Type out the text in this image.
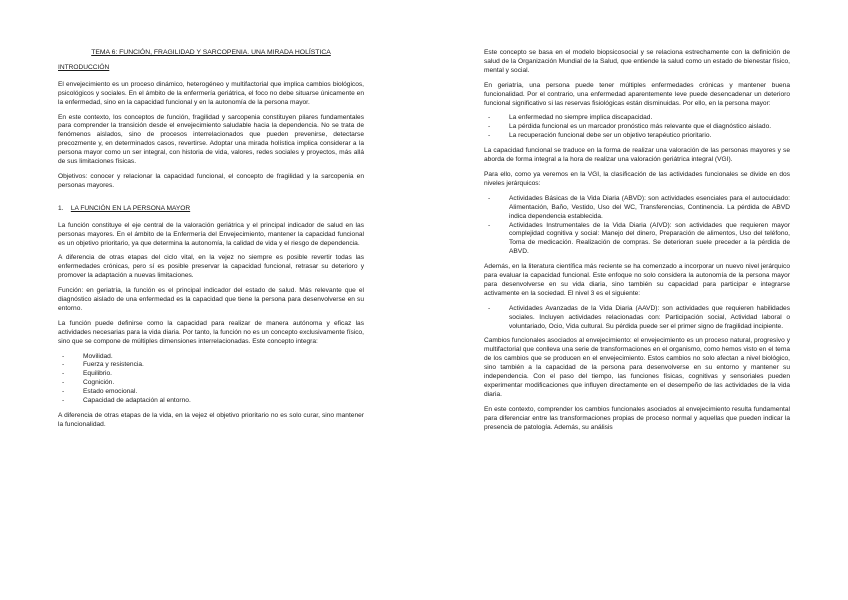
TEMA 6: FUNCIÓN, FRAGILIDAD Y SARCOPENIA. UNA MIRADA HOLÍSTICA

INTRODUCCIÓN

El envejecimiento es un proceso dinámico, heterogéneo y multifactorial que implica cambios biológicos, psicológicos y sociales. En el ámbito de la enfermería geriátrica, el foco no debe situarse únicamente en la enfermedad, sino en la capacidad funcional y en la autonomía de la persona mayor.

En este contexto, los conceptos de función, fragilidad y sarcopenia constituyen pilares fundamentales para comprender la transición desde el envejecimiento saludable hacia la dependencia. No se trata de fenómenos aislados, sino de procesos interrelacionados que pueden prevenirse, detectarse precozmente y, en determinados casos, revertirse. Adoptar una mirada holística implica considerar a la persona mayor como un ser integral, con historia de vida, valores, redes sociales y proyectos, más allá de sus limitaciones físicas.

Objetivos: conocer y relacionar la capacidad funcional, el concepto de fragilidad y la sarcopenia en personas mayores.

1. LA FUNCIÓN EN LA PERSONA MAYOR

La función constituye el eje central de la valoración geriátrica y el principal indicador de salud en las personas mayores. En el ámbito de la Enfermería del Envejecimiento, mantener la capacidad funcional es un objetivo prioritario, ya que determina la autonomía, la calidad de vida y el riesgo de dependencia.

A diferencia de otras etapas del ciclo vital, en la vejez no siempre es posible revertir todas las enfermedades crónicas, pero sí es posible preservar la capacidad funcional, retrasar su deterioro y promover la adaptación a nuevas limitaciones.

Función: en geriatría, la función es el principal indicador del estado de salud. Más relevante que el diagnóstico aislado de una enfermedad es la capacidad que tiene la persona para desenvolverse en su entorno.

La función puede definirse como la capacidad para realizar de manera autónoma y eficaz las actividades necesarias para la vida diaria. Por tanto, la función no es un concepto exclusivamente físico, sino que se compone de múltiples dimensiones interrelacionadas. Este concepto integra:

- Movilidad.
- Fuerza y resistencia.
- Equilibrio.
- Cognición.
- Estado emocional.
- Capacidad de adaptación al entorno.

A diferencia de otras etapas de la vida, en la vejez el objetivo prioritario no es solo curar, sino mantener la funcionalidad.

Este concepto se basa en el modelo biopsicosocial y se relaciona estrechamente con la definición de salud de la Organización Mundial de la Salud, que entiende la salud como un estado de bienestar físico, mental y social.

En geriatría, una persona puede tener múltiples enfermedades crónicas y mantener buena funcionalidad. Por el contrario, una enfermedad aparentemente leve puede desencadenar un deterioro funcional significativo si las reservas fisiológicas están disminuidas. Por ello, en la persona mayor:

- La enfermedad no siempre implica discapacidad.
- La pérdida funcional es un marcador pronóstico más relevante que el diagnóstico aislado.
- La recuperación funcional debe ser un objetivo terapéutico prioritario.

La capacidad funcional se traduce en la forma de realizar una valoración de las personas mayores y se aborda de forma integral a la hora de realizar una valoración geriátrica integral (VGI).

Para ello, como ya veremos en la VGI, la clasificación de las actividades funcionales se divide en dos niveles jerárquicos:

- Actividades Básicas de la Vida Diaria (ABVD): son actividades esenciales para el autocuidado: Alimentación, Baño, Vestido, Uso del WC, Transferencias, Continencia. La pérdida de ABVD indica dependencia establecida.
- Actividades Instrumentales de la Vida Diaria (AIVD): son actividades que requieren mayor complejidad cognitiva y social: Manejo del dinero, Preparación de alimentos, Uso del teléfono, Toma de medicación. Realización de compras. Se deterioran suele preceder a la pérdida de ABVD.

Además, en la literatura científica más reciente se ha comenzado a incorporar un nuevo nivel jerárquico para evaluar la capacidad funcional. Este enfoque no solo considera la autonomía de la persona mayor para desenvolverse en su vida diaria, sino también su capacidad para participar e integrarse activamente en la sociedad. El nivel 3 es el siguiente:

- Actividades Avanzadas de la Vida Diaria (AAVD): son actividades que requieren habilidades sociales. Incluyen actividades relacionadas con: Participación social, Actividad laboral o voluntariado, Ocio, Vida cultural. Su pérdida puede ser el primer signo de fragilidad incipiente.

Cambios funcionales asociados al envejecimiento: el envejecimiento es un proceso natural, progresivo y multifactorial que conlleva una serie de transformaciones en el organismo, como hemos visto en el tema de los cambios que se producen en el envejecimiento. Estos cambios no solo afectan a nivel biológico, sino también a la capacidad de la persona para desenvolverse en su entorno y mantener su independencia. Con el paso del tiempo, las funciones físicas, cognitivas y sensoriales pueden experimentar modificaciones que influyen directamente en el desempeño de las actividades de la vida diaria.

En este contexto, comprender los cambios funcionales asociados al envejecimiento resulta fundamental para diferenciar entre las transformaciones propias de proceso normal y aquellas que pueden indicar la presencia de patología. Además, su análisis
